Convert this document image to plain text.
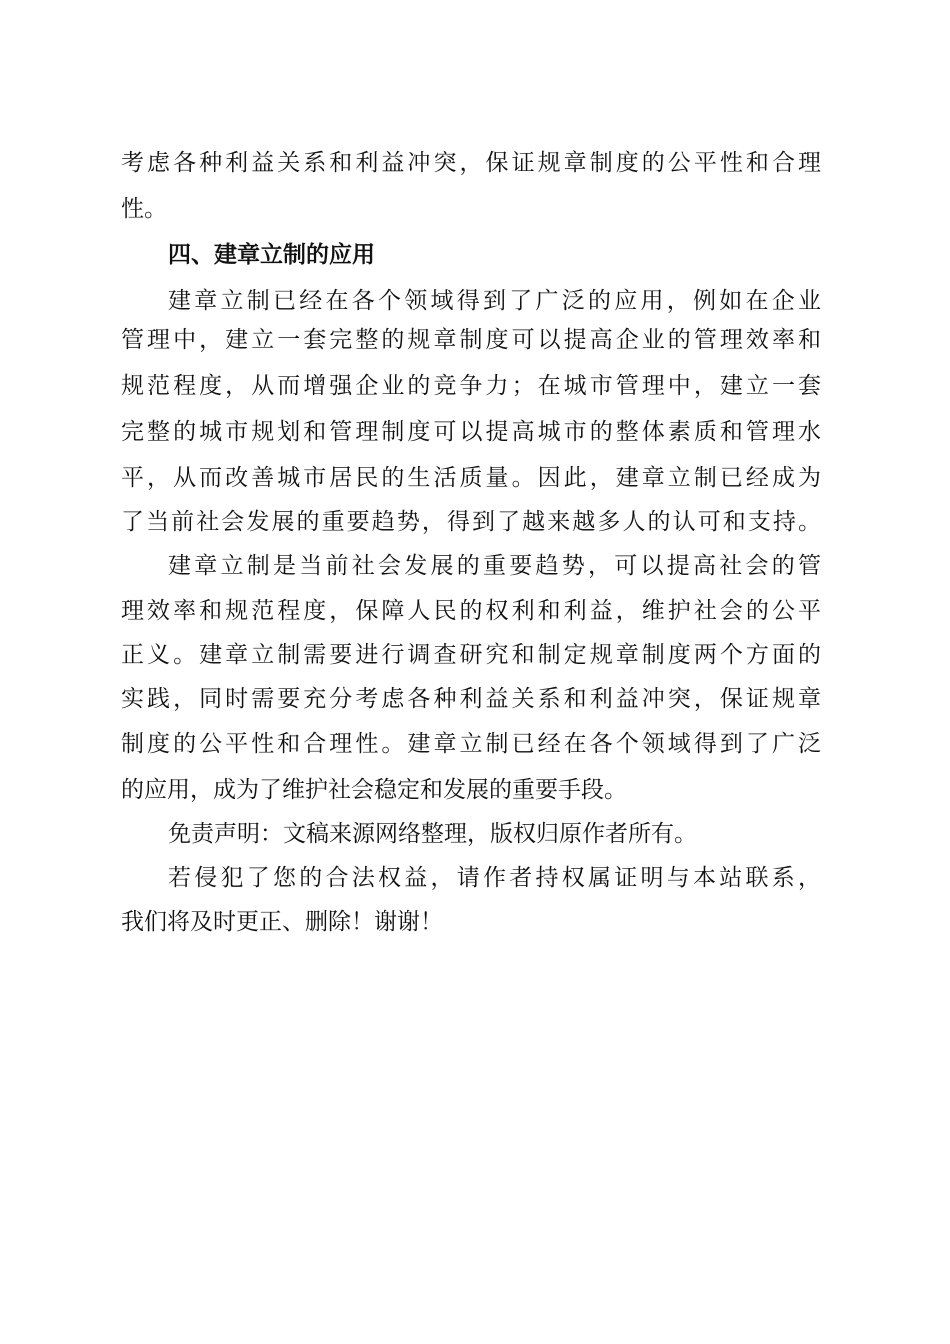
考虑各种利益关系和利益冲突，保证规章制度的公平性和合理
性。
四、建章立制的应用
建章立制已经在各个领域得到了广泛的应用，例如在企业
管理中，建立一套完整的规章制度可以提高企业的管理效率和
规范程度，从而增强企业的竞争力；在城市管理中，建立一套
完整的城市规划和管理制度可以提高城市的整体素质和管理水
平，从而改善城市居民的生活质量。因此，建章立制已经成为
了当前社会发展的重要趋势，得到了越来越多人的认可和支持。
建章立制是当前社会发展的重要趋势，可以提高社会的管
理效率和规范程度，保障人民的权利和利益，维护社会的公平
正义。建章立制需要进行调查研究和制定规章制度两个方面的
实践，同时需要充分考虑各种利益关系和利益冲突，保证规章
制度的公平性和合理性。建章立制已经在各个领域得到了广泛
的应用，成为了维护社会稳定和发展的重要手段。
免责声明：文稿来源网络整理，版权归原作者所有。
若侵犯了您的合法权益，请作者持权属证明与本站联系，
我们将及时更正、删除！谢谢！
